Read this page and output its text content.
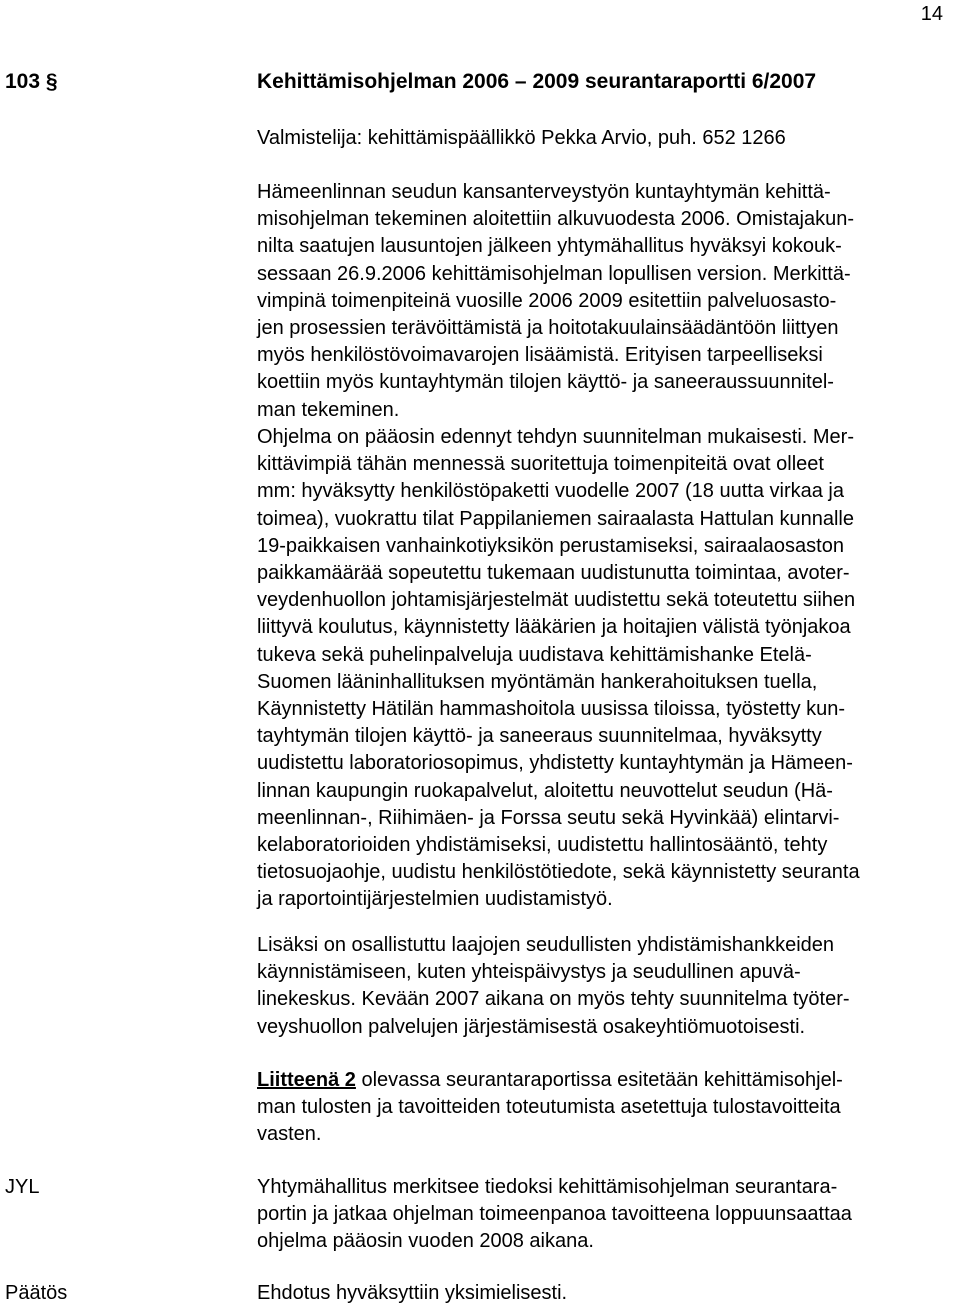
14
103 §	Kehittämisohjelman 2006 – 2009 seurantaraportti 6/2007

Valmistelija: kehittämispäällikkö Pekka Arvio, puh. 652 1266

Hämeenlinnan seudun kansanterveystyön kuntayhtymän kehittä-
misohjelman tekeminen aloitettiin alkuvuodesta 2006. Omistajakun-
nilta saatujen lausuntojen jälkeen yhtymähallitus hyväksyi kokouk-
sessaan 26.9.2006 kehittämisohjelman lopullisen version. Merkittä-
vimpinä toimenpiteinä vuosille 2006 2009 esitettiin palveluosasto-
jen prosessien terävöittämistä ja hoitotakuulainsäädäntöön liittyen
myös henkilöstövoimavarojen lisäämistä. Erityisen tarpeelliseksi
koettiin myös kuntayhtymän tilojen käyttö- ja saneeraussuunnitel-
man tekeminen.

Ohjelma on pääosin edennyt tehdyn suunnitelman mukaisesti. Mer-
kittävimpiä tähän mennessä suoritettuja toimenpiteitä ovat olleet
mm: hyväksytty henkilöstöpaketti vuodelle 2007 (18 uutta virkaa ja
toimea), vuokrattu tilat Pappilaniemen sairaalasta Hattulan kunnalle
19-paikkaisen vanhainkotiyksikön perustamiseksi, sairaalaosaston
paikkamäärää sopeutettu tukemaan uudistunutta toimintaa, avoter-
veydenhuollon johtamisjärjestelmät uudistettu sekä toteutettu siihen
liittyvä koulutus, käynnistetty lääkärien ja hoitajien välistä työnjakoa
tukeva sekä puhelinpalveluja uudistava kehittämishanke Etelä-
Suomen lääninhallituksen myöntämän hankerahoituksen tuella,
Käynnistetty Hätilän hammashoitola uusissa tiloissa, työstetty kun-
tayhtymän tilojen käyttö- ja saneeraus suunnitelmaa, hyväksytty
uudistettu laboratoriosopimus, yhdistetty kuntayhtymän ja Hämeen-
linnan kaupungin ruokapalvelut, aloitettu neuvottelut seudun (Hä-
meenlinnan-, Riihimäen- ja Forssa seutu sekä Hyvinkää) elintarvi-
kelaboratorioiden yhdistämiseksi, uudistettu hallintosääntö, tehty
tietosuojaohje, uudistu henkilöstötiedote, sekä käynnistetty seuranta
ja raportointijärjestelmien uudistamistyö.

Lisäksi on osallistuttu laajojen seudullisten yhdistämishankkeiden
käynnistämiseen, kuten yhteispäivystys ja seudullinen apuvä-
linekeskus. Kevään 2007 aikana on myös tehty suunnitelma työter-
veyshuollon palvelujen järjestämisestä osakeyhtiömuotoisesti.

Liitteenä 2 olevassa seurantaraportissa esitetään kehittämisohjel-
man tulosten ja tavoitteiden toteutumista asetettuja tulostavoitteita
vasten.

JYL	Yhtymähallitus merkitsee tiedoksi kehittämisohjelman seurantara-
portin ja jatkaa ohjelman toimeenpanoa tavoitteena loppuunsaattaa
ohjelma pääosin vuoden 2008 aikana.

Päätös	Ehdotus hyväksyttiin yksimielisesti.
